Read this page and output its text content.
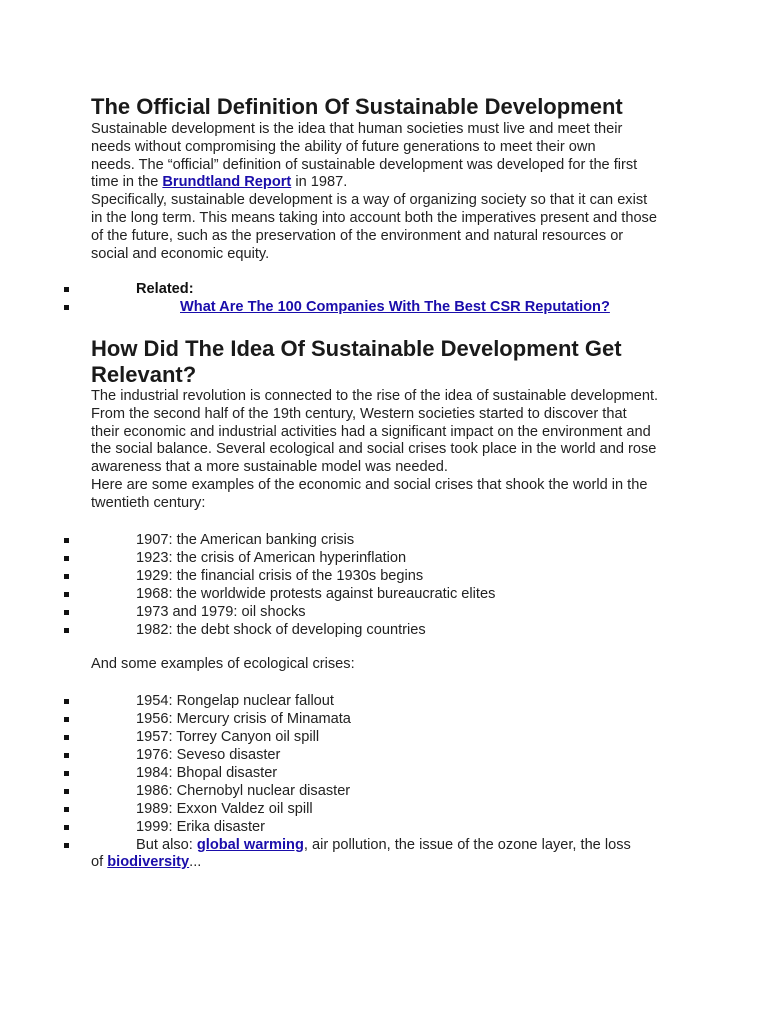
The Official Definition Of Sustainable Development
Sustainable development is the idea that human societies must live and meet their
needs without compromising the ability of future generations to meet their own
needs. The “official” definition of sustainable development was developed for the first
time in the Brundtland Report in 1987.
Specifically, sustainable development is a way of organizing society so that it can exist
in the long term. This means taking into account both the imperatives present and those
of the future, such as the preservation of the environment and natural resources or
social and economic equity.
Related:
What Are The 100 Companies With The Best CSR Reputation?
How Did The Idea Of Sustainable Development Get
Relevant?
The industrial revolution is connected to the rise of the idea of sustainable development.
From the second half of the 19th century, Western societies started to discover that
their economic and industrial activities had a significant impact on the environment and
the social balance. Several ecological and social crises took place in the world and rose
awareness that a more sustainable model was needed.
Here are some examples of the economic and social crises that shook the world in the
twentieth century:
1907: the American banking crisis
1923: the crisis of American hyperinflation
1929: the financial crisis of the 1930s begins
1968: the worldwide protests against bureaucratic elites
1973 and 1979: oil shocks
1982: the debt shock of developing countries
And some examples of ecological crises:
1954: Rongelap nuclear fallout
1956: Mercury crisis of Minamata
1957: Torrey Canyon oil spill
1976: Seveso disaster
1984: Bhopal disaster
1986: Chernobyl nuclear disaster
1989: Exxon Valdez oil spill
1999: Erika disaster
But also: global warming, air pollution, the issue of the ozone layer, the loss
of biodiversity...
